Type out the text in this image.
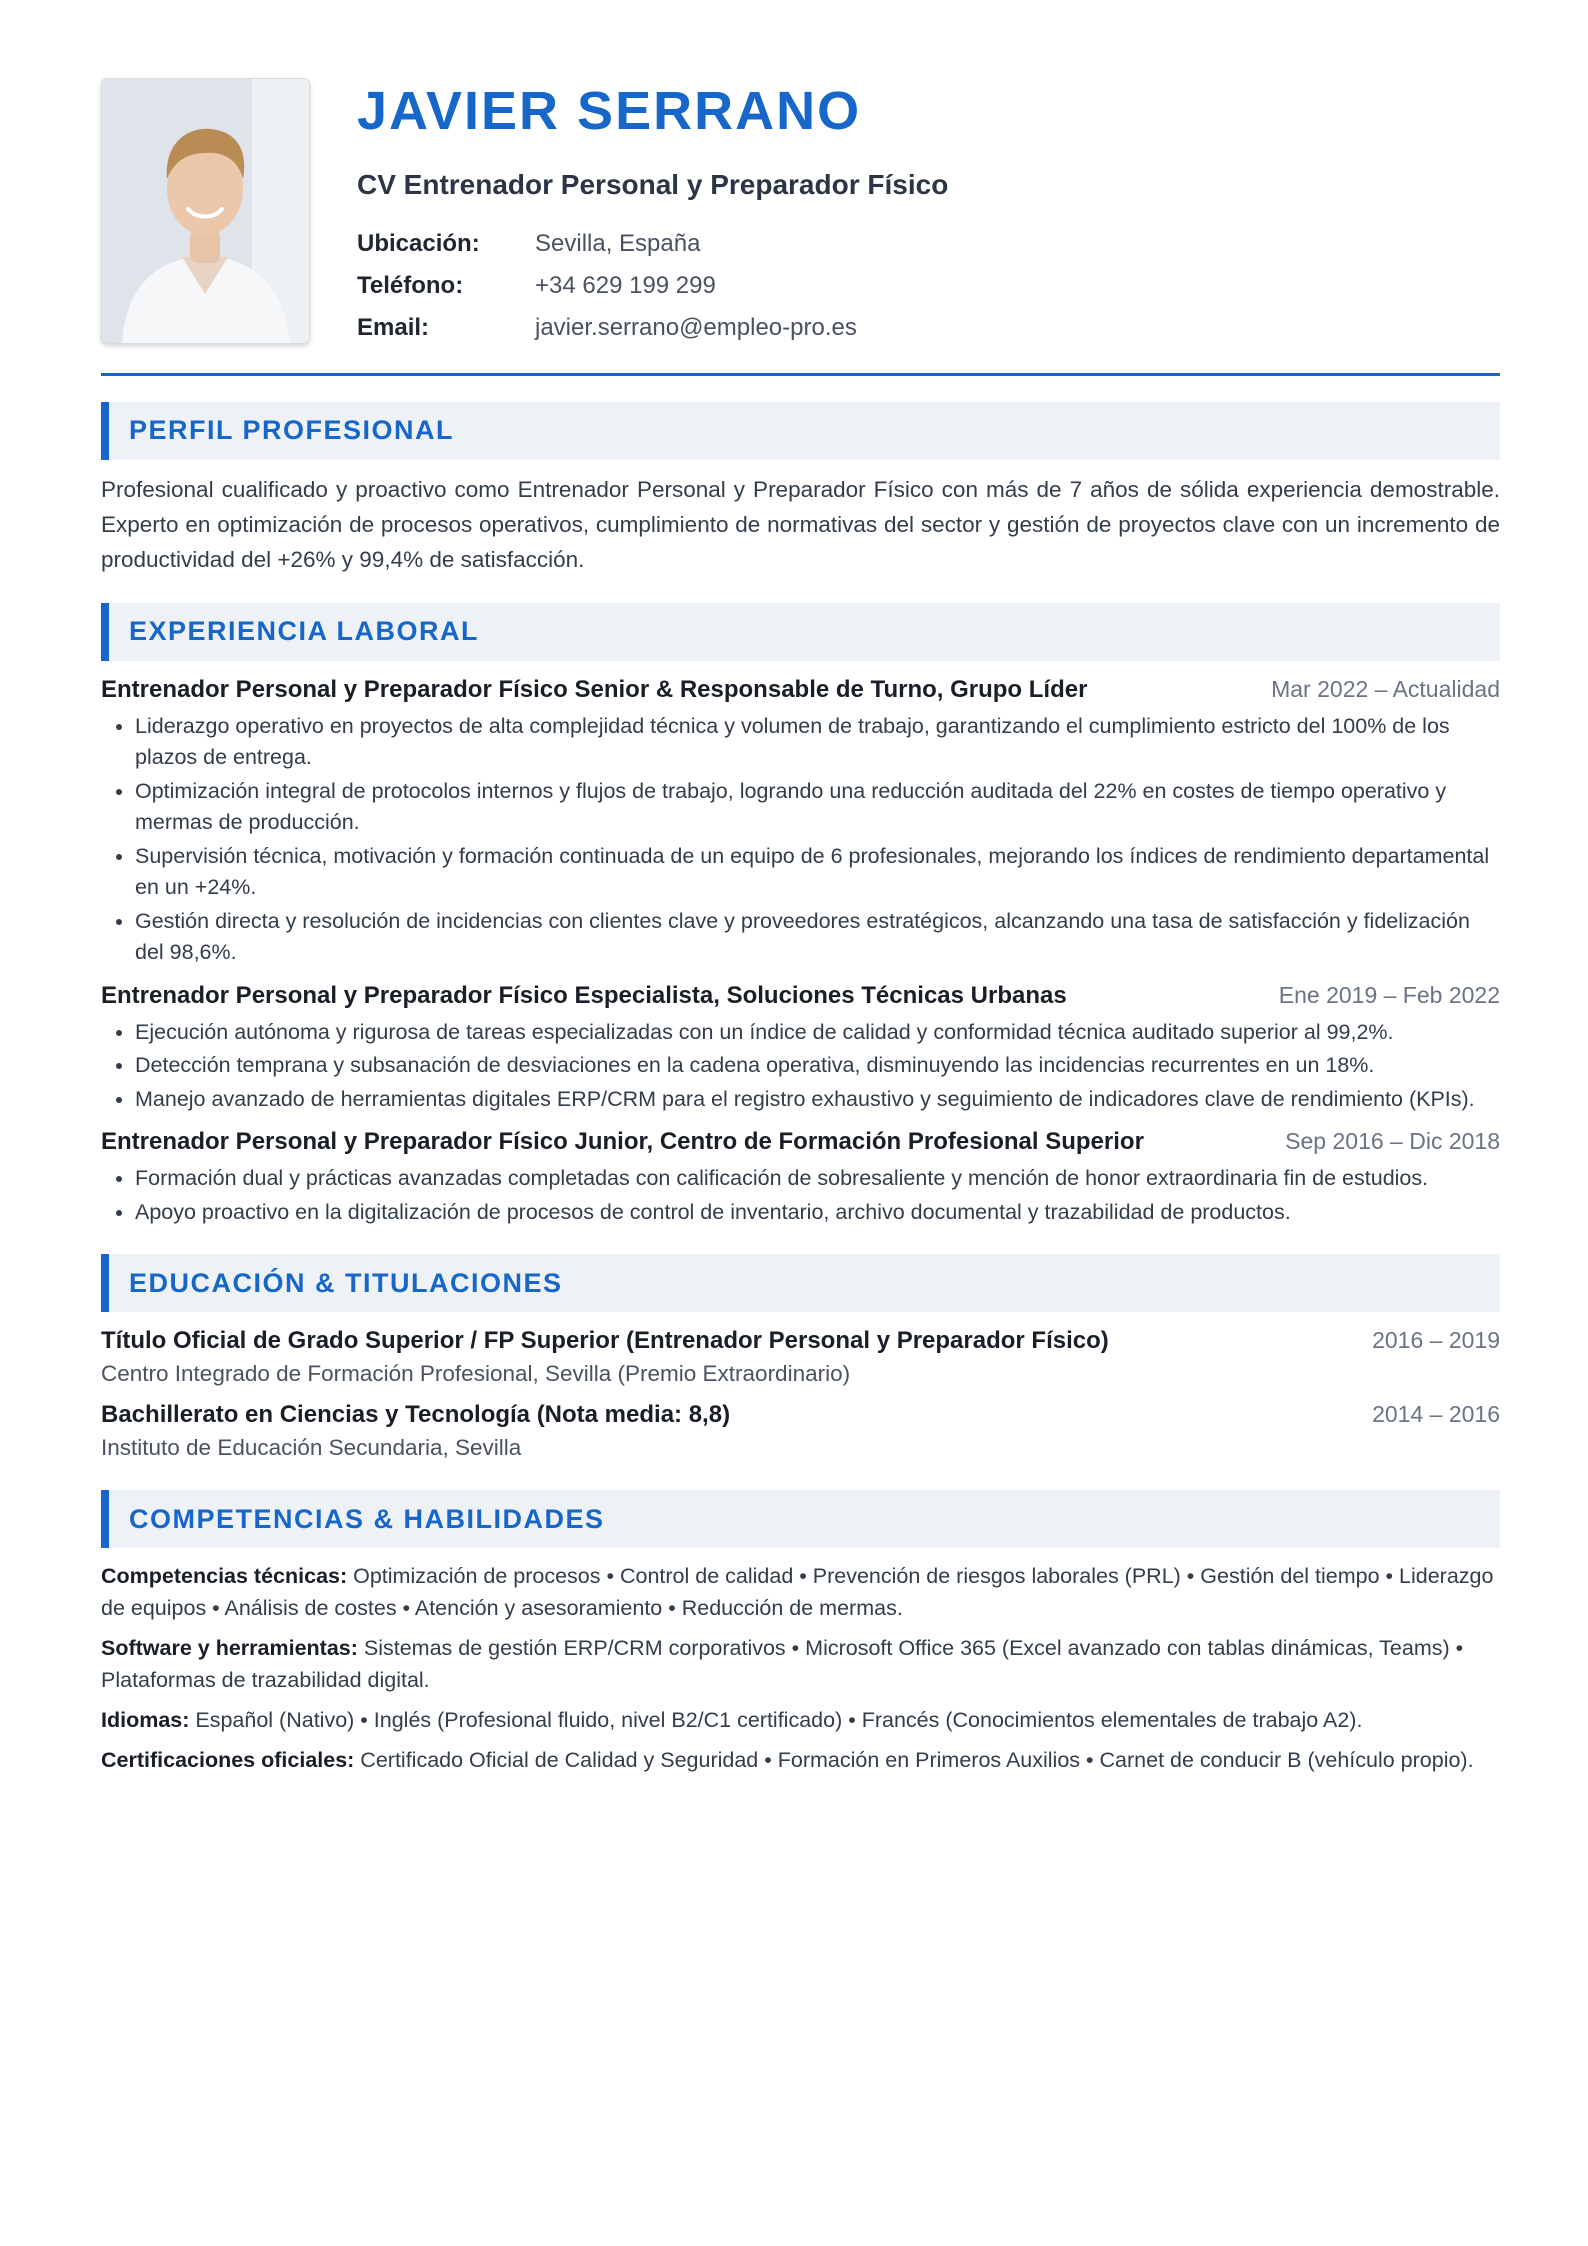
JAVIER SERRANO
CV Entrenador Personal y Preparador Físico
Ubicación:	Sevilla, España
Teléfono:	+34 629 199 299
Email:	javier.serrano@empleo-pro.es
PERFIL PROFESIONAL
Profesional cualificado y proactivo como Entrenador Personal y Preparador Físico con más de 7 años de sólida experiencia demostrable. Experto en optimización de procesos operativos, cumplimiento de normativas del sector y gestión de proyectos clave con un incremento de productividad del +26% y 99,4% de satisfacción.
EXPERIENCIA LABORAL
Entrenador Personal y Preparador Físico Senior & Responsable de Turno, Grupo Líder	Mar 2022 – Actualidad
• Liderazgo operativo en proyectos de alta complejidad técnica y volumen de trabajo, garantizando el cumplimiento estricto del 100% de los plazos de entrega.
• Optimización integral de protocolos internos y flujos de trabajo, logrando una reducción auditada del 22% en costes de tiempo operativo y mermas de producción.
• Supervisión técnica, motivación y formación continuada de un equipo de 6 profesionales, mejorando los índices de rendimiento departamental en un +24%.
• Gestión directa y resolución de incidencias con clientes clave y proveedores estratégicos, alcanzando una tasa de satisfacción y fidelización del 98,6%.
Entrenador Personal y Preparador Físico Especialista, Soluciones Técnicas Urbanas	Ene 2019 – Feb 2022
• Ejecución autónoma y rigurosa de tareas especializadas con un índice de calidad y conformidad técnica auditado superior al 99,2%.
• Detección temprana y subsanación de desviaciones en la cadena operativa, disminuyendo las incidencias recurrentes en un 18%.
• Manejo avanzado de herramientas digitales ERP/CRM para el registro exhaustivo y seguimiento de indicadores clave de rendimiento (KPIs).
Entrenador Personal y Preparador Físico Junior, Centro de Formación Profesional Superior	Sep 2016 – Dic 2018
• Formación dual y prácticas avanzadas completadas con calificación de sobresaliente y mención de honor extraordinaria fin de estudios.
• Apoyo proactivo en la digitalización de procesos de control de inventario, archivo documental y trazabilidad de productos.
EDUCACIÓN & TITULACIONES
Título Oficial de Grado Superior / FP Superior (Entrenador Personal y Preparador Físico)	2016 – 2019
Centro Integrado de Formación Profesional, Sevilla (Premio Extraordinario)
Bachillerato en Ciencias y Tecnología (Nota media: 8,8)	2014 – 2016
Instituto de Educación Secundaria, Sevilla
COMPETENCIAS & HABILIDADES

Competencias técnicas: Optimización de procesos • Control de calidad • Prevención de riesgos laborales (PRL) • Gestión del tiempo • Liderazgo de equipos • Análisis de costes • Atención y asesoramiento • Reducción de mermas.

Software y herramientas: Sistemas de gestión ERP/CRM corporativos • Microsoft Office 365 (Excel avanzado con tablas dinámicas, Teams) • Plataformas de trazabilidad digital.

Idiomas: Español (Nativo) • Inglés (Profesional fluido, nivel B2/C1 certificado) • Francés (Conocimientos elementales de trabajo A2).

Certificaciones oficiales: Certificado Oficial de Calidad y Seguridad • Formación en Primeros Auxilios • Carnet de conducir B (vehículo propio).
